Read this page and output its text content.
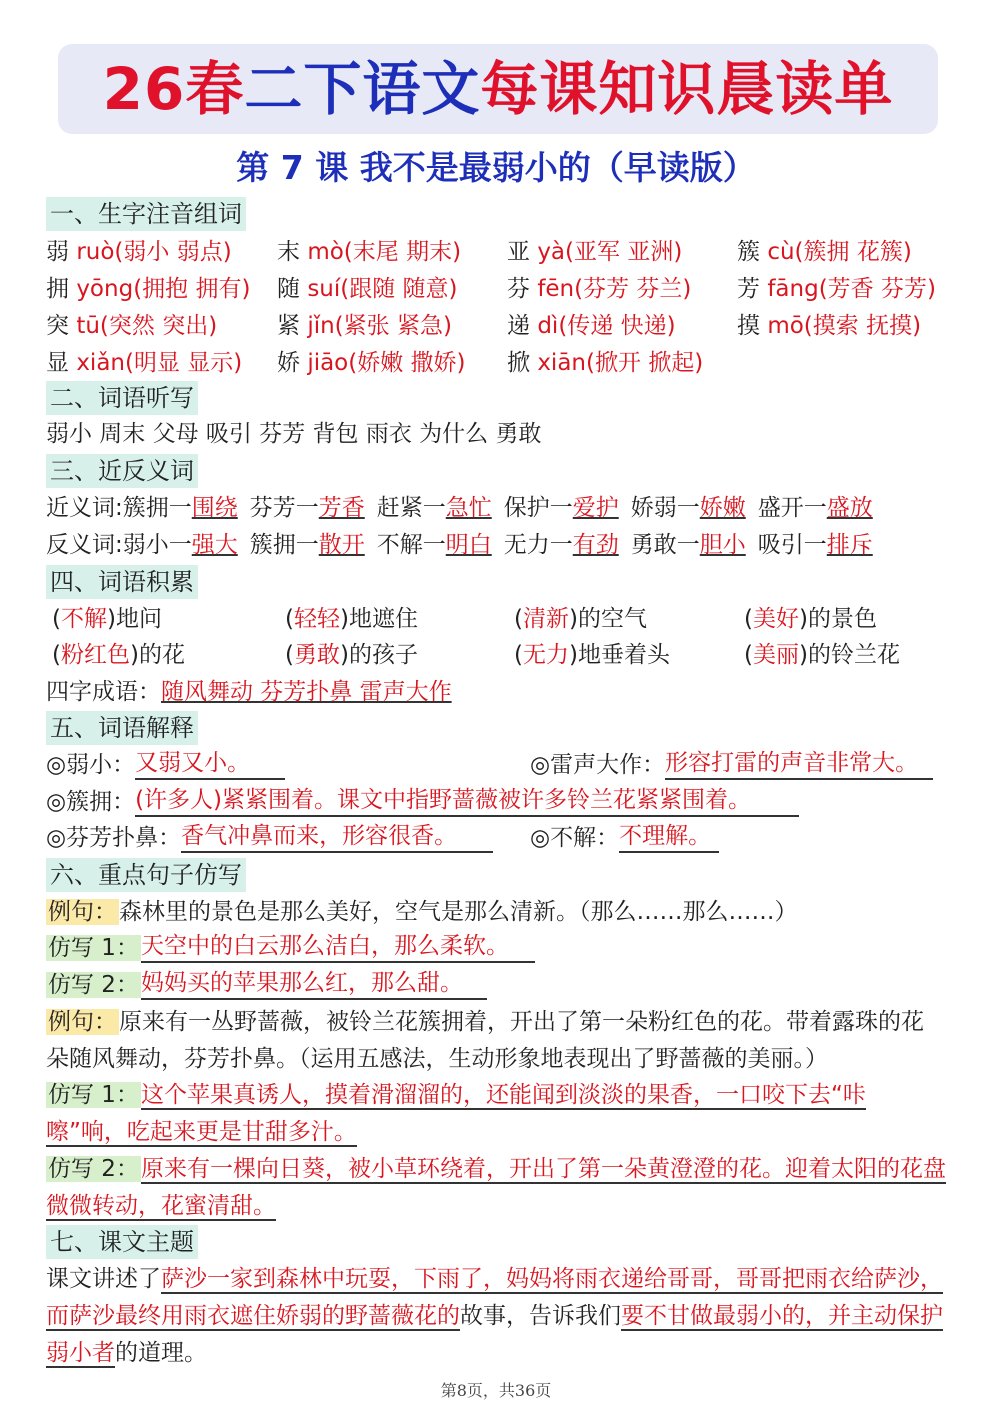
26春二下语文每课知识晨读单
第 7 课 我不是最弱小的（早读版）
一、生字注音组词
弱 ruò(弱小 弱点) 末 mò(末尾 期末) 亚 yà(亚军 亚洲) 簇 cù(簇拥 花簇)
拥 yōng(拥抱 拥有) 随 suí(跟随 随意) 芬 fēn(芬芳 芬兰) 芳 fāng(芳香 芬芳)
突 tū(突然 突出)	紧 jǐn(紧张 紧急) 递 dì(传递 快递)	摸 mō(摸索 抚摸)
显 xiǎn(明显 显示) 娇 jiāo(娇嫩 撒娇) 掀 xiān(掀开 掀起)
二、词语听写
弱小 周末 父母 吸引 芬芳 背包 雨衣 为什么 勇敢
三、近反义词
近义词:簇拥一围绕 芬芳一芳香 赶紧一急忙 保护一爱护 娇弱一娇嫩 盛开一盛放
反义词:弱小一强大 簇拥一散开 不解一明白 无力一有劲 勇敢一胆小 吸引一排斥
四、词语积累
(不解)地问	(轻轻)地遮住	(清新)的空气	(美好)的景色
(粉红色)的花	(勇敢)的孩子	(无力)地垂着头	(美丽)的铃兰花
四字成语：随风舞动 芬芳扑鼻 雷声大作
五、词语解释
◎弱小：又弱又小。	◎雷声大作：形容打雷的声音非常大。
◎簇拥：(许多人)紧紧围着。课文中指野蔷薇被许多铃兰花紧紧围着。
◎芬芳扑鼻：香气冲鼻而来，形容很香。	◎不解：不理解。
六、重点句子仿写
例句：森林里的景色是那么美好，空气是那么清新。（那么……那么……）
仿写 1：天空中的白云那么洁白，那么柔软。
仿写 2：妈妈买的苹果那么红，那么甜。
例句：原来有一丛野蔷薇，被铃兰花簇拥着，开出了第一朵粉红色的花。带着露珠的花朵随风舞动，芬芳扑鼻。（运用五感法，生动形象地表现出了野蔷薇的美丽。）
仿写 1：这个苹果真诱人，摸着滑溜溜的，还能闻到淡淡的果香，一口咬下去“咔嚓”响，吃起来更是甘甜多汁。
仿写 2：原来有一棵向日葵，被小草环绕着，开出了第一朵黄澄澄的花。迎着太阳的花盘微微转动，花蜜清甜。
七、课文主题
课文讲述了萨沙一家到森林中玩耍，下雨了，妈妈将雨衣递给哥哥，哥哥把雨衣给萨沙，而萨沙最终用雨衣遮住娇弱的野蔷薇花的故事，告诉我们要不甘做最弱小的，并主动保护弱小者的道理。
第8页，共36页
